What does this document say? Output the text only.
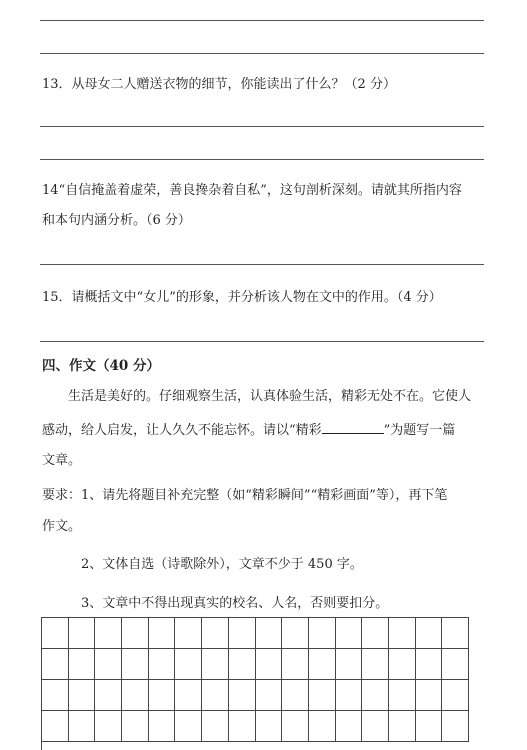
13．从母女二人赠送衣物的细节，你能读出了什么？（2 分）

14“自信掩盖着虚荣，善良搀杂着自私”，这句剖析深刻。请就其所指内容

和本句内涵分析。（6 分）

15．请概括文中“女儿”的形象，并分析该人物在文中的作用。（4 分）

四、作文（40 分）

生活是美好的。仔细观察生活，认真体验生活，精彩无处不在。它使人

感动，给人启发，让人久久不能忘怀。请以“精彩	”为题写一篇

文章。

要求：1、请先将题目补充完整（如“精彩瞬间”“精彩画面”等），再下笔

作文。

2、文体自选（诗歌除外），文章不少于 450 字。

3、文章中不得出现真实的校名、人名，否则要扣分。
